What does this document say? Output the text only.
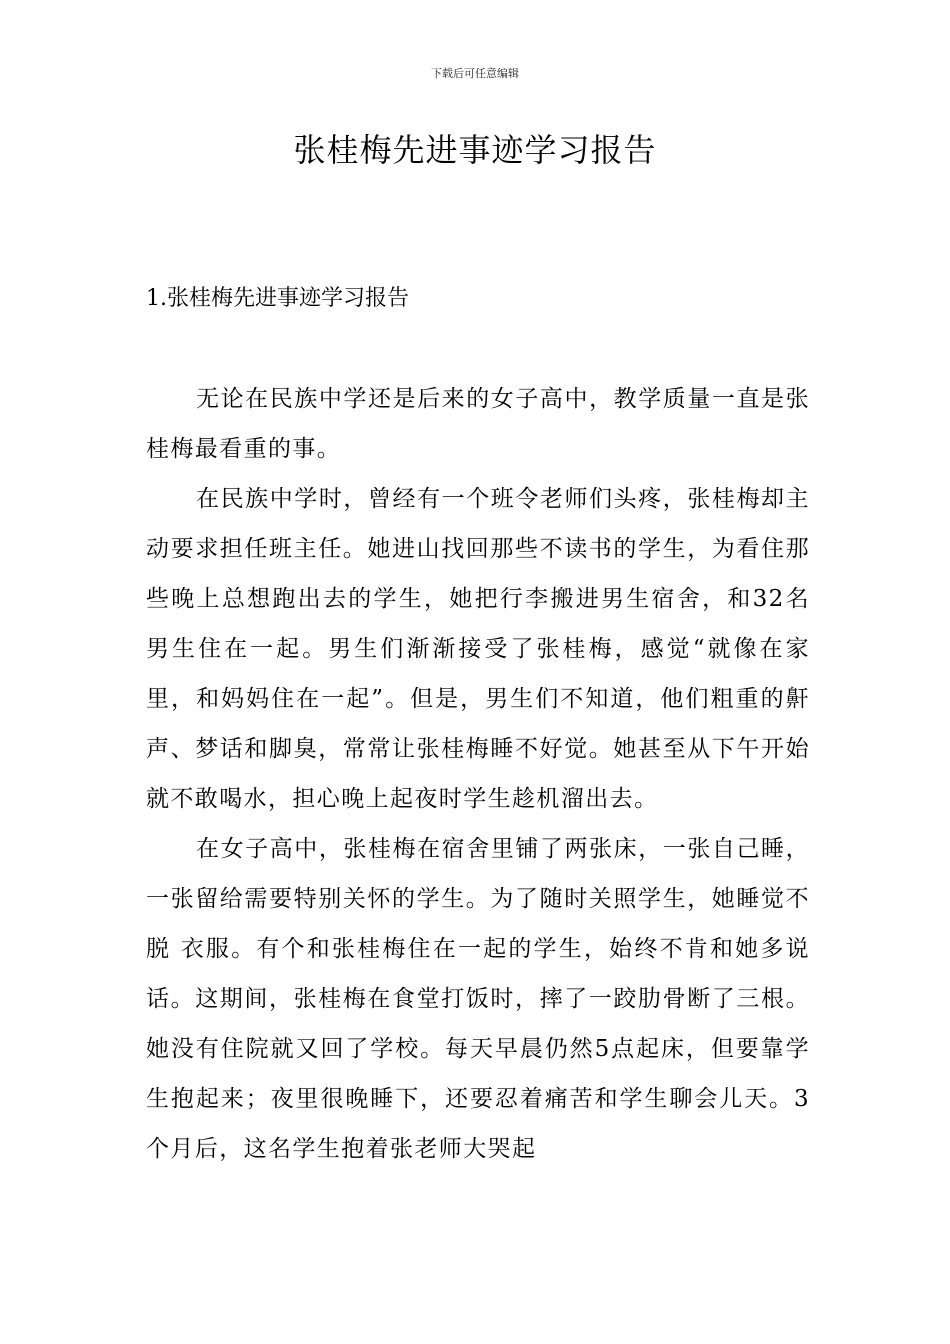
下载后可任意编辑
张桂梅先进事迹学习报告
1.张桂梅先进事迹学习报告

无论在民族中学还是后来的女子高中，教学质量一直是张桂梅最看重的事。

在民族中学时，曾经有一个班令老师们头疼，张桂梅却主动要求担任班主任。她进山找回那些不读书的学生，为看住那些晚上总想跑出去的学生，她把行李搬进男生宿舍，和32名男生住在一起。男生们渐渐接受了张桂梅，感觉“就像在家里，和妈妈住在一起”。但是，男生们不知道，他们粗重的鼾声、梦话和脚臭，常常让张桂梅睡不好觉。她甚至从下午开始就不敢喝水，担心晚上起夜时学生趁机溜出去。

在女子高中，张桂梅在宿舍里铺了两张床，一张自己睡，一张留给需要特别关怀的学生。为了随时关照学生，她睡觉不脱 衣服。有个和张桂梅住在一起的学生，始终不肯和她多说话。这期间，张桂梅在食堂打饭时，摔了一跤肋骨断了三根。她没有住院就又回了学校。每天早晨仍然5点起床，但要靠学生抱起来；夜里很晚睡下，还要忍着痛苦和学生聊会儿天。3个月后，这名学生抱着张老师大哭起
